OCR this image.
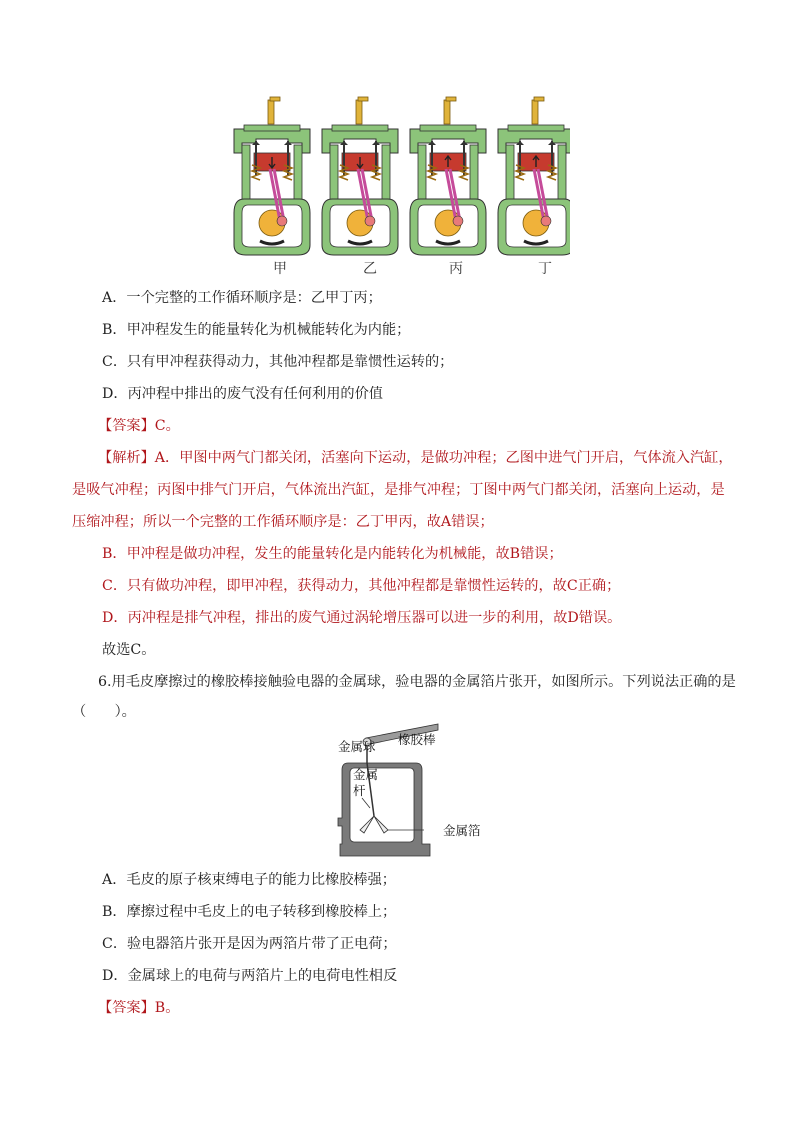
甲	乙	丙	丁
A．一个完整的工作循环顺序是：乙甲丁丙；
B．甲冲程发生的能量转化为机械能转化为内能；
C．只有甲冲程获得动力，其他冲程都是靠惯性运转的；
D．丙冲程中排出的废气没有任何利用的价值
【答案】C。
【解析】A．甲图中两气门都关闭，活塞向下运动，是做功冲程；乙图中进气门开启，气体流入汽缸，
是吸气冲程；丙图中排气门开启，气体流出汽缸，是排气冲程；丁图中两气门都关闭，活塞向上运动，是
压缩冲程；所以一个完整的工作循环顺序是：乙丁甲丙，故A错误；
B．甲冲程是做功冲程，发生的能量转化是内能转化为机械能，故B错误；
C．只有做功冲程，即甲冲程，获得动力，其他冲程都是靠惯性运转的，故C正确；
D．丙冲程是排气冲程，排出的废气通过涡轮增压器可以进一步的利用，故D错误。
故选C。
6.用毛皮摩擦过的橡胶棒接触验电器的金属球，验电器的金属箔片张开，如图所示。下列说法正确的是
（　　）。
金属球 橡胶棒
金属
杆
金属箔
A．毛皮的原子核束缚电子的能力比橡胶棒强；
B．摩擦过程中毛皮上的电子转移到橡胶棒上；
C．验电器箔片张开是因为两箔片带了正电荷；
D．金属球上的电荷与两箔片上的电荷电性相反
【答案】B。
